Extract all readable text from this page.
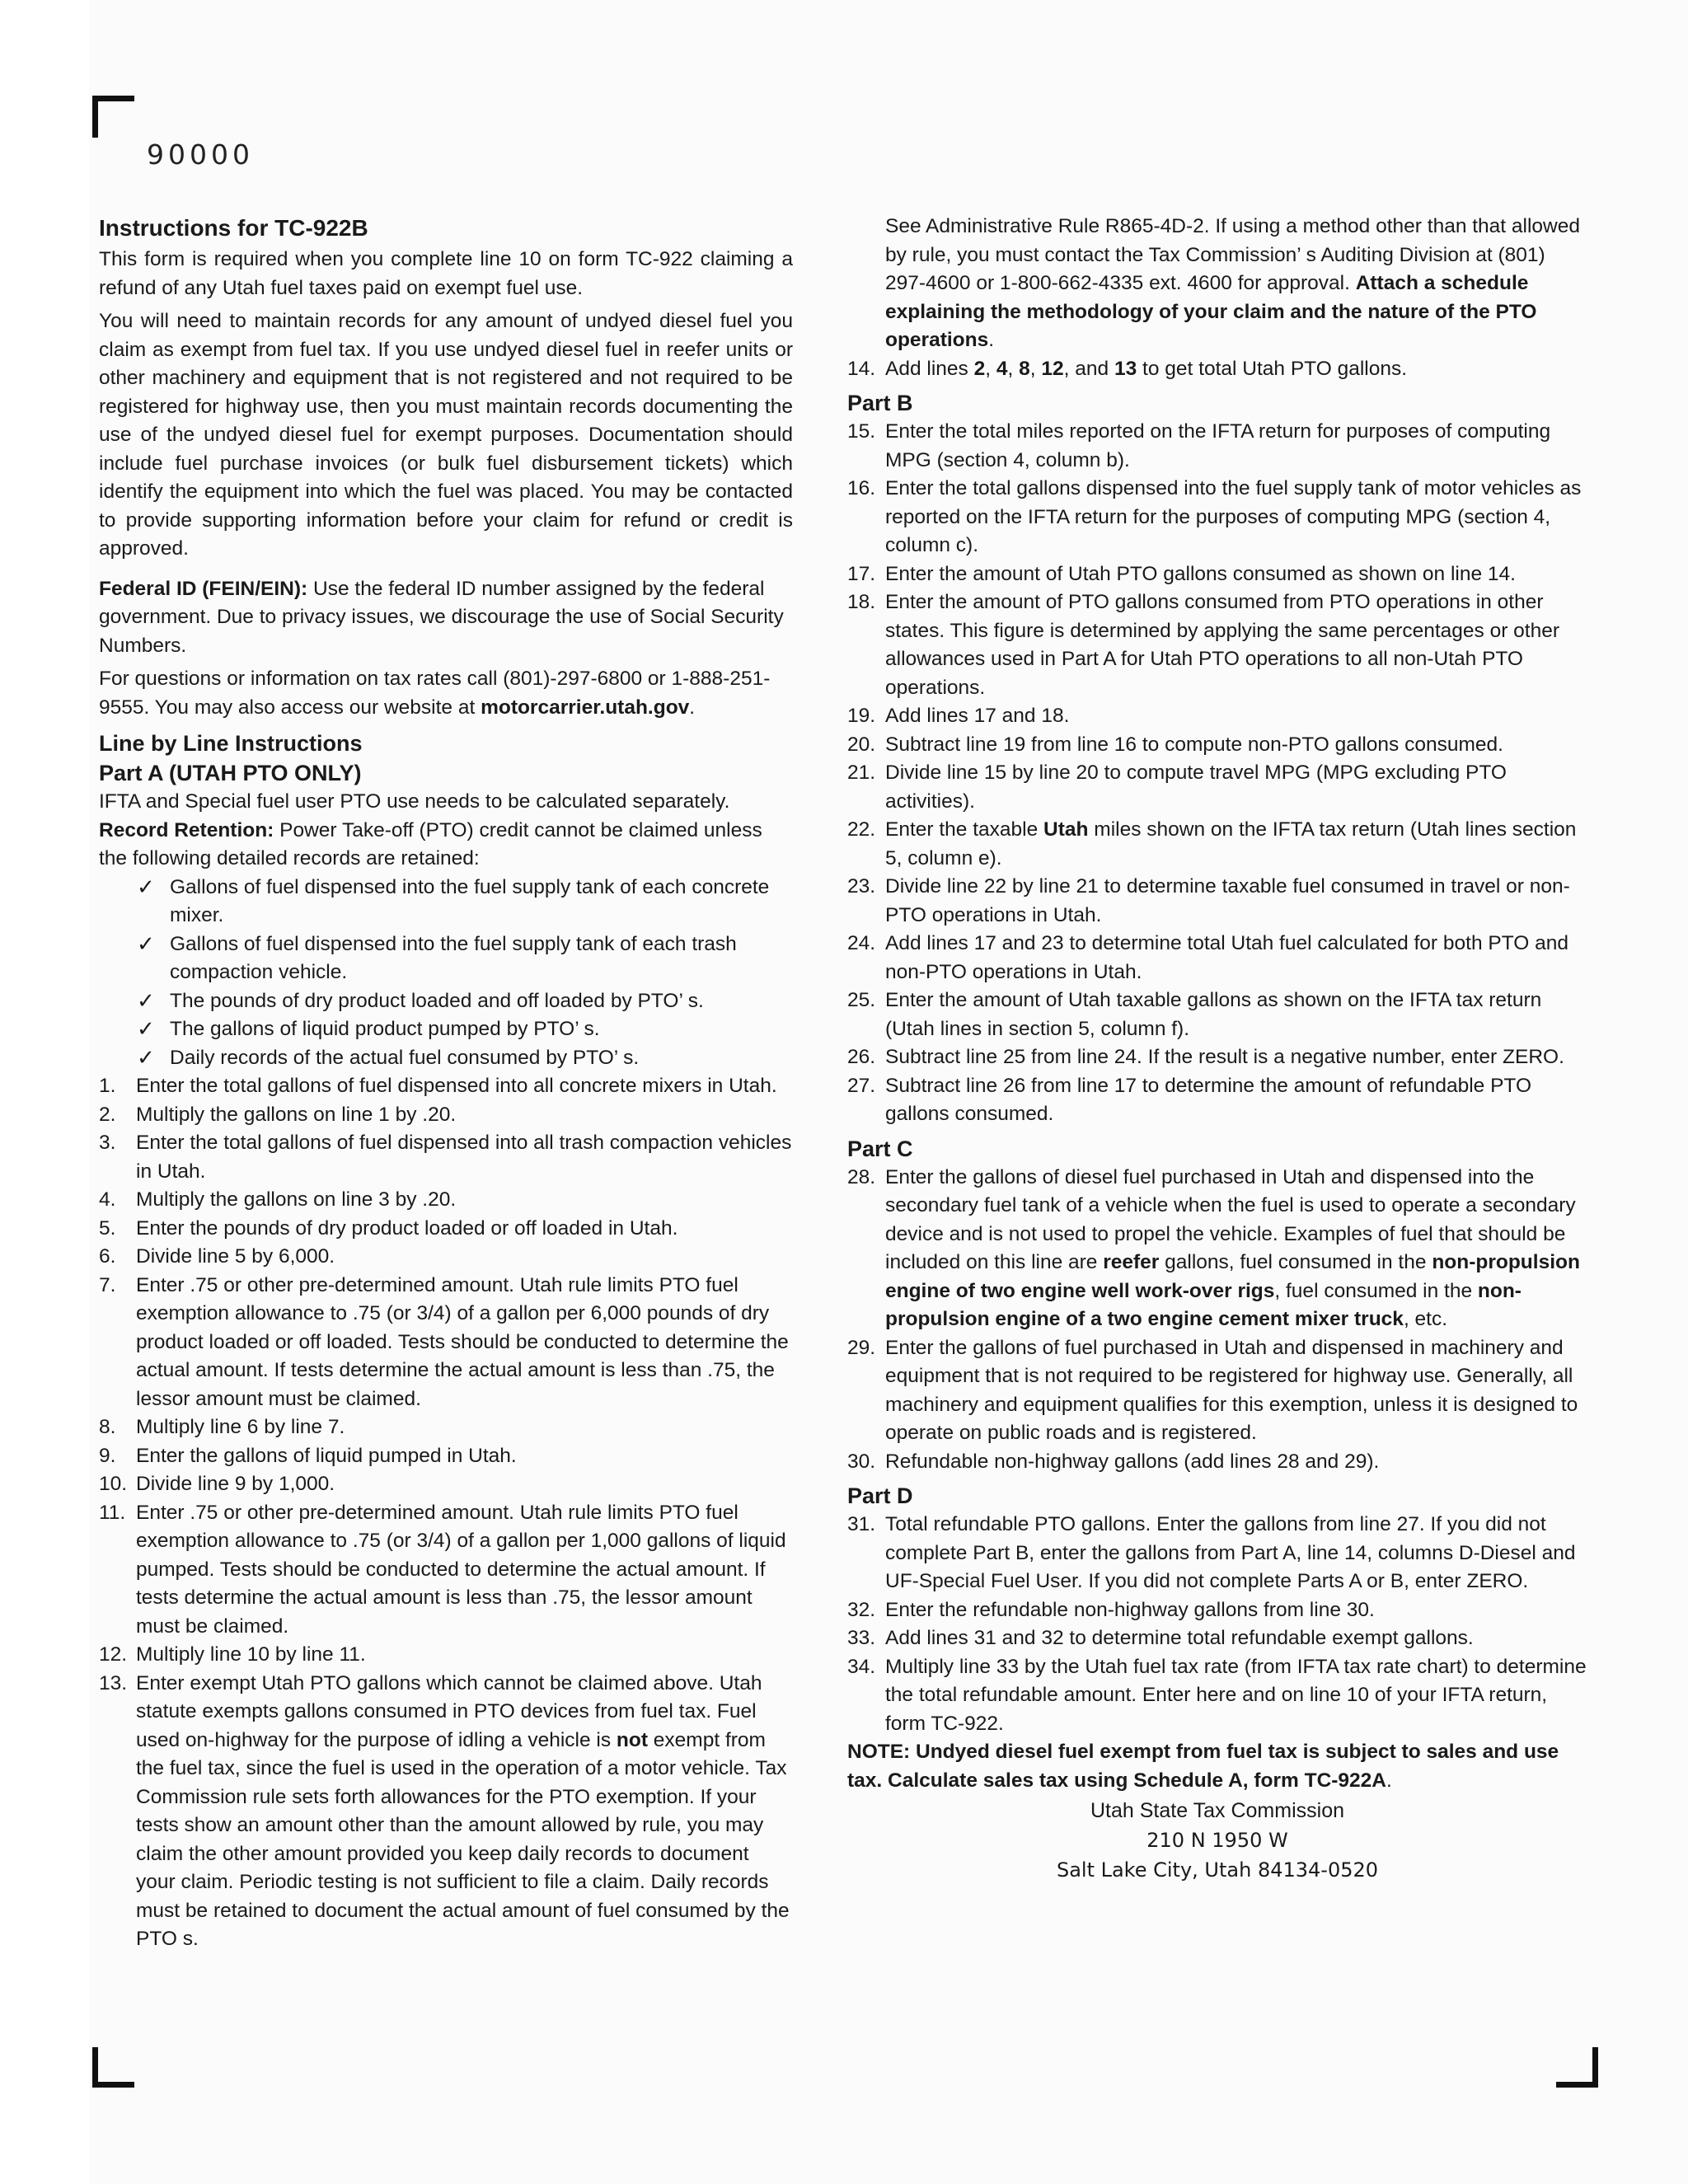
90000
Instructions for TC-922B

This form is required when you complete line 10 on form TC-922 claiming a refund of any Utah fuel taxes paid on exempt fuel use.

You will need to maintain records for any amount of undyed diesel fuel you claim as exempt from fuel tax. If you use undyed diesel fuel in reefer units or other machinery and equipment that is not registered and not required to be registered for highway use, then you must maintain records documenting the use of the undyed diesel fuel for exempt purposes. Documentation should include fuel purchase invoices (or bulk fuel disbursement tickets) which identify the equipment into which the fuel was placed. You may be contacted to provide supporting information before your claim for refund or credit is approved.

Federal ID (FEIN/EIN): Use the federal ID number assigned by the federal government. Due to privacy issues, we discourage the use of Social Security Numbers.

For questions or information on tax rates call (801)-297-6800 or 1-888-251-9555. You may also access our website at motorcarrier.utah.gov.

Line by Line Instructions
Part A (UTAH PTO ONLY)

IFTA and Special fuel user PTO use needs to be calculated separately.

Record Retention: Power Take-off (PTO) credit cannot be claimed unless the following detailed records are retained:

✓ Gallons of fuel dispensed into the fuel supply tank of each concrete mixer.
✓ Gallons of fuel dispensed into the fuel supply tank of each trash compaction vehicle.
✓ The pounds of dry product loaded and off loaded by PTO’ s.
✓ The gallons of liquid product pumped by PTO’ s.
✓ Daily records of the actual fuel consumed by PTO’ s.
1. Enter the total gallons of fuel dispensed into all concrete mixers in Utah.
2. Multiply the gallons on line 1 by .20.
3. Enter the total gallons of fuel dispensed into all trash compaction vehicles in Utah.
4. Multiply the gallons on line 3 by .20.
5. Enter the pounds of dry product loaded or off loaded in Utah.
6. Divide line 5 by 6,000.
7. Enter .75 or other pre-determined amount. Utah rule limits PTO fuel exemption allowance to .75 (or 3/4) of a gallon per 6,000 pounds of dry product loaded or off loaded. Tests should be conducted to determine the actual amount. If tests determine the actual amount is less than .75, the lessor amount must be claimed.
8. Multiply line 6 by line 7.
9. Enter the gallons of liquid pumped in Utah.
10. Divide line 9 by 1,000.
11. Enter .75 or other pre-determined amount. Utah rule limits PTO fuel exemption allowance to .75 (or 3/4) of a gallon per 1,000 gallons of liquid pumped. Tests should be conducted to determine the actual amount. If tests determine the actual amount is less than .75, the lessor amount must be claimed.
12. Multiply line 10 by line 11.
13. Enter exempt Utah PTO gallons which cannot be claimed above. Utah statute exempts gallons consumed in PTO devices from fuel tax. Fuel used on-highway for the purpose of idling a vehicle is not exempt from the fuel tax, since the fuel is used in the operation of a motor vehicle. Tax Commission rule sets forth allowances for the PTO exemption. If your tests show an amount other than the amount allowed by rule, you may claim the other amount provided you keep daily records to document your claim. Periodic testing is not sufficient to file a claim. Daily records must be retained to document the actual amount of fuel consumed by the PTO s.

See Administrative Rule R865-4D-2. If using a method other than that allowed by rule, you must contact the Tax Commission’ s Auditing Division at (801) 297-4600 or 1-800-662-4335 ext. 4600 for approval. Attach a schedule explaining the methodology of your claim and the nature of the PTO operations.

14. Add lines 2, 4, 8, 12, and 13 to get total Utah PTO gallons.
Part B
15. Enter the total miles reported on the IFTA return for purposes of computing MPG (section 4, column b).
16. Enter the total gallons dispensed into the fuel supply tank of motor vehicles as reported on the IFTA return for the purposes of computing MPG (section 4, column c).
17. Enter the amount of Utah PTO gallons consumed as shown on line 14.
18. Enter the amount of PTO gallons consumed from PTO operations in other states. This figure is determined by applying the same percentages or other allowances used in Part A for Utah PTO operations to all non-Utah PTO operations.
19. Add lines 17 and 18.
20. Subtract line 19 from line 16 to compute non-PTO gallons consumed.
21. Divide line 15 by line 20 to compute travel MPG (MPG excluding PTO activities).
22. Enter the taxable Utah miles shown on the IFTA tax return (Utah lines section 5, column e).
23. Divide line 22 by line 21 to determine taxable fuel consumed in travel or non-PTO operations in Utah.
24. Add lines 17 and 23 to determine total Utah fuel calculated for both PTO and non-PTO operations in Utah.
25. Enter the amount of Utah taxable gallons as shown on the IFTA tax return (Utah lines in section 5, column f).
26. Subtract line 25 from line 24. If the result is a negative number, enter ZERO.
27. Subtract line 26 from line 17 to determine the amount of refundable PTO gallons consumed.
Part C
28. Enter the gallons of diesel fuel purchased in Utah and dispensed into the secondary fuel tank of a vehicle when the fuel is used to operate a secondary device and is not used to propel the vehicle. Examples of fuel that should be included on this line are reefer gallons, fuel consumed in the non-propulsion engine of two engine well work-over rigs, fuel consumed in the non-propulsion engine of a two engine cement mixer truck, etc.
29. Enter the gallons of fuel purchased in Utah and dispensed in machinery and equipment that is not required to be registered for highway use. Generally, all machinery and equipment qualifies for this exemption, unless it is designed to operate on public roads and is registered.
30. Refundable non-highway gallons (add lines 28 and 29).
Part D
31. Total refundable PTO gallons. Enter the gallons from line 27. If you did not complete Part B, enter the gallons from Part A, line 14, columns D-Diesel and UF-Special Fuel User. If you did not complete Parts A or B, enter ZERO.
32. Enter the refundable non-highway gallons from line 30.
33. Add lines 31 and 32 to determine total refundable exempt gallons.
34. Multiply line 33 by the Utah fuel tax rate (from IFTA tax rate chart) to determine the total refundable amount. Enter here and on line 10 of your IFTA return, form TC-922.

NOTE: Undyed diesel fuel exempt from fuel tax is subject to sales and use tax. Calculate sales tax using Schedule A, form TC-922A.

Utah State Tax Commission
210 N 1950 W
Salt Lake City, Utah 84134-0520
